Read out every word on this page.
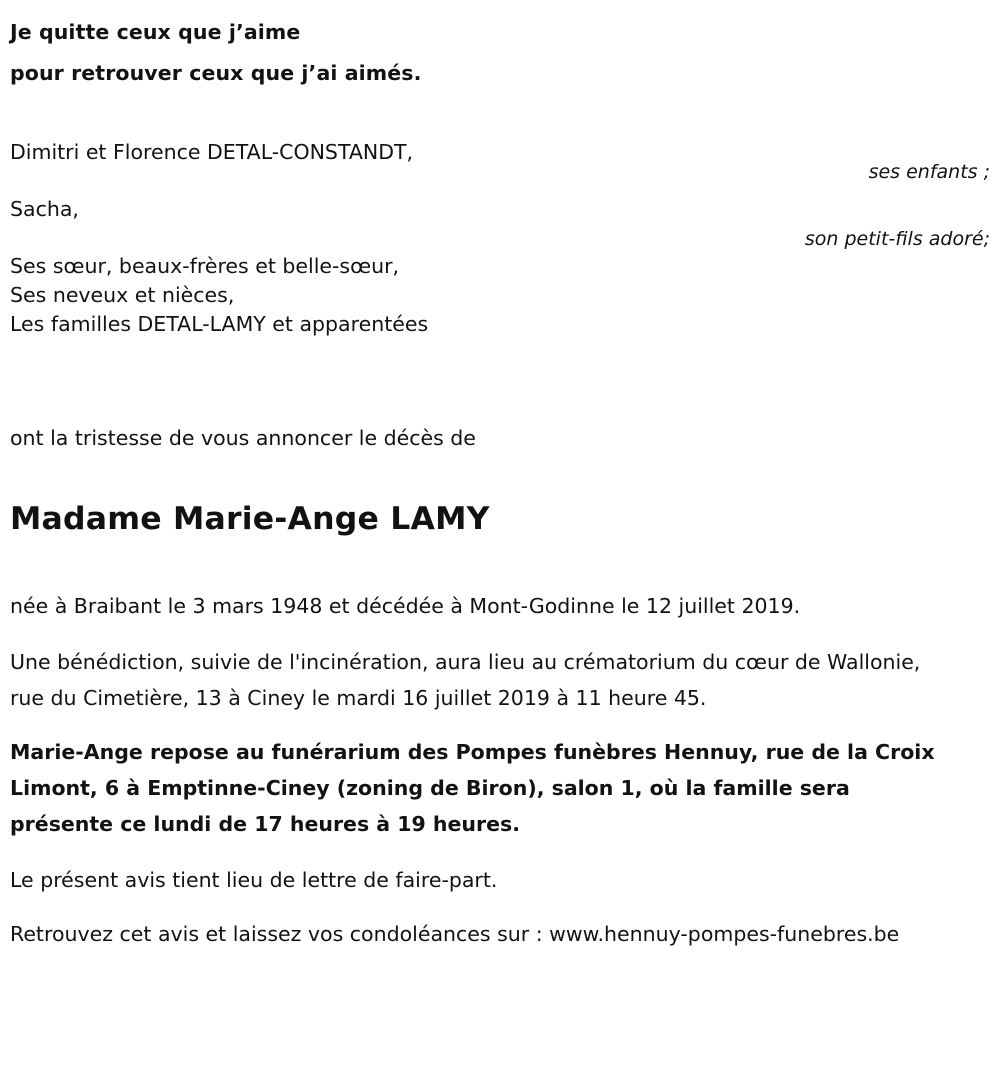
Je quitte ceux que j’aime
pour retrouver ceux que j’ai aimés.
Dimitri et Florence DETAL-CONSTANDT,
Sacha,
Ses sœur, beaux-frères et belle-sœur,
Ses neveux et nièces,
Les familles DETAL-LAMY et apparentées
ses enfants ;
son petit-fils adoré;
ont la tristesse de vous annoncer le décès de
Madame Marie-Ange LAMY

née à Braibant le 3 mars 1948 et décédée à Mont-Godinne le 12 juillet 2019.

Une bénédiction, suivie de l'incinération, aura lieu au crématorium du cœur de Wallonie, rue du Cimetière, 13 à Ciney le mardi 16 juillet 2019 à 11 heure 45.

Marie-Ange repose au funérarium des Pompes funèbres Hennuy, rue de la Croix Limont, 6 à Emptinne-Ciney (zoning de Biron), salon 1, où la famille sera présente ce lundi de 17 heures à 19 heures.

Le présent avis tient lieu de lettre de faire-part.

Retrouvez cet avis et laissez vos condoléances sur : www.hennuy-pompes-funebres.be
